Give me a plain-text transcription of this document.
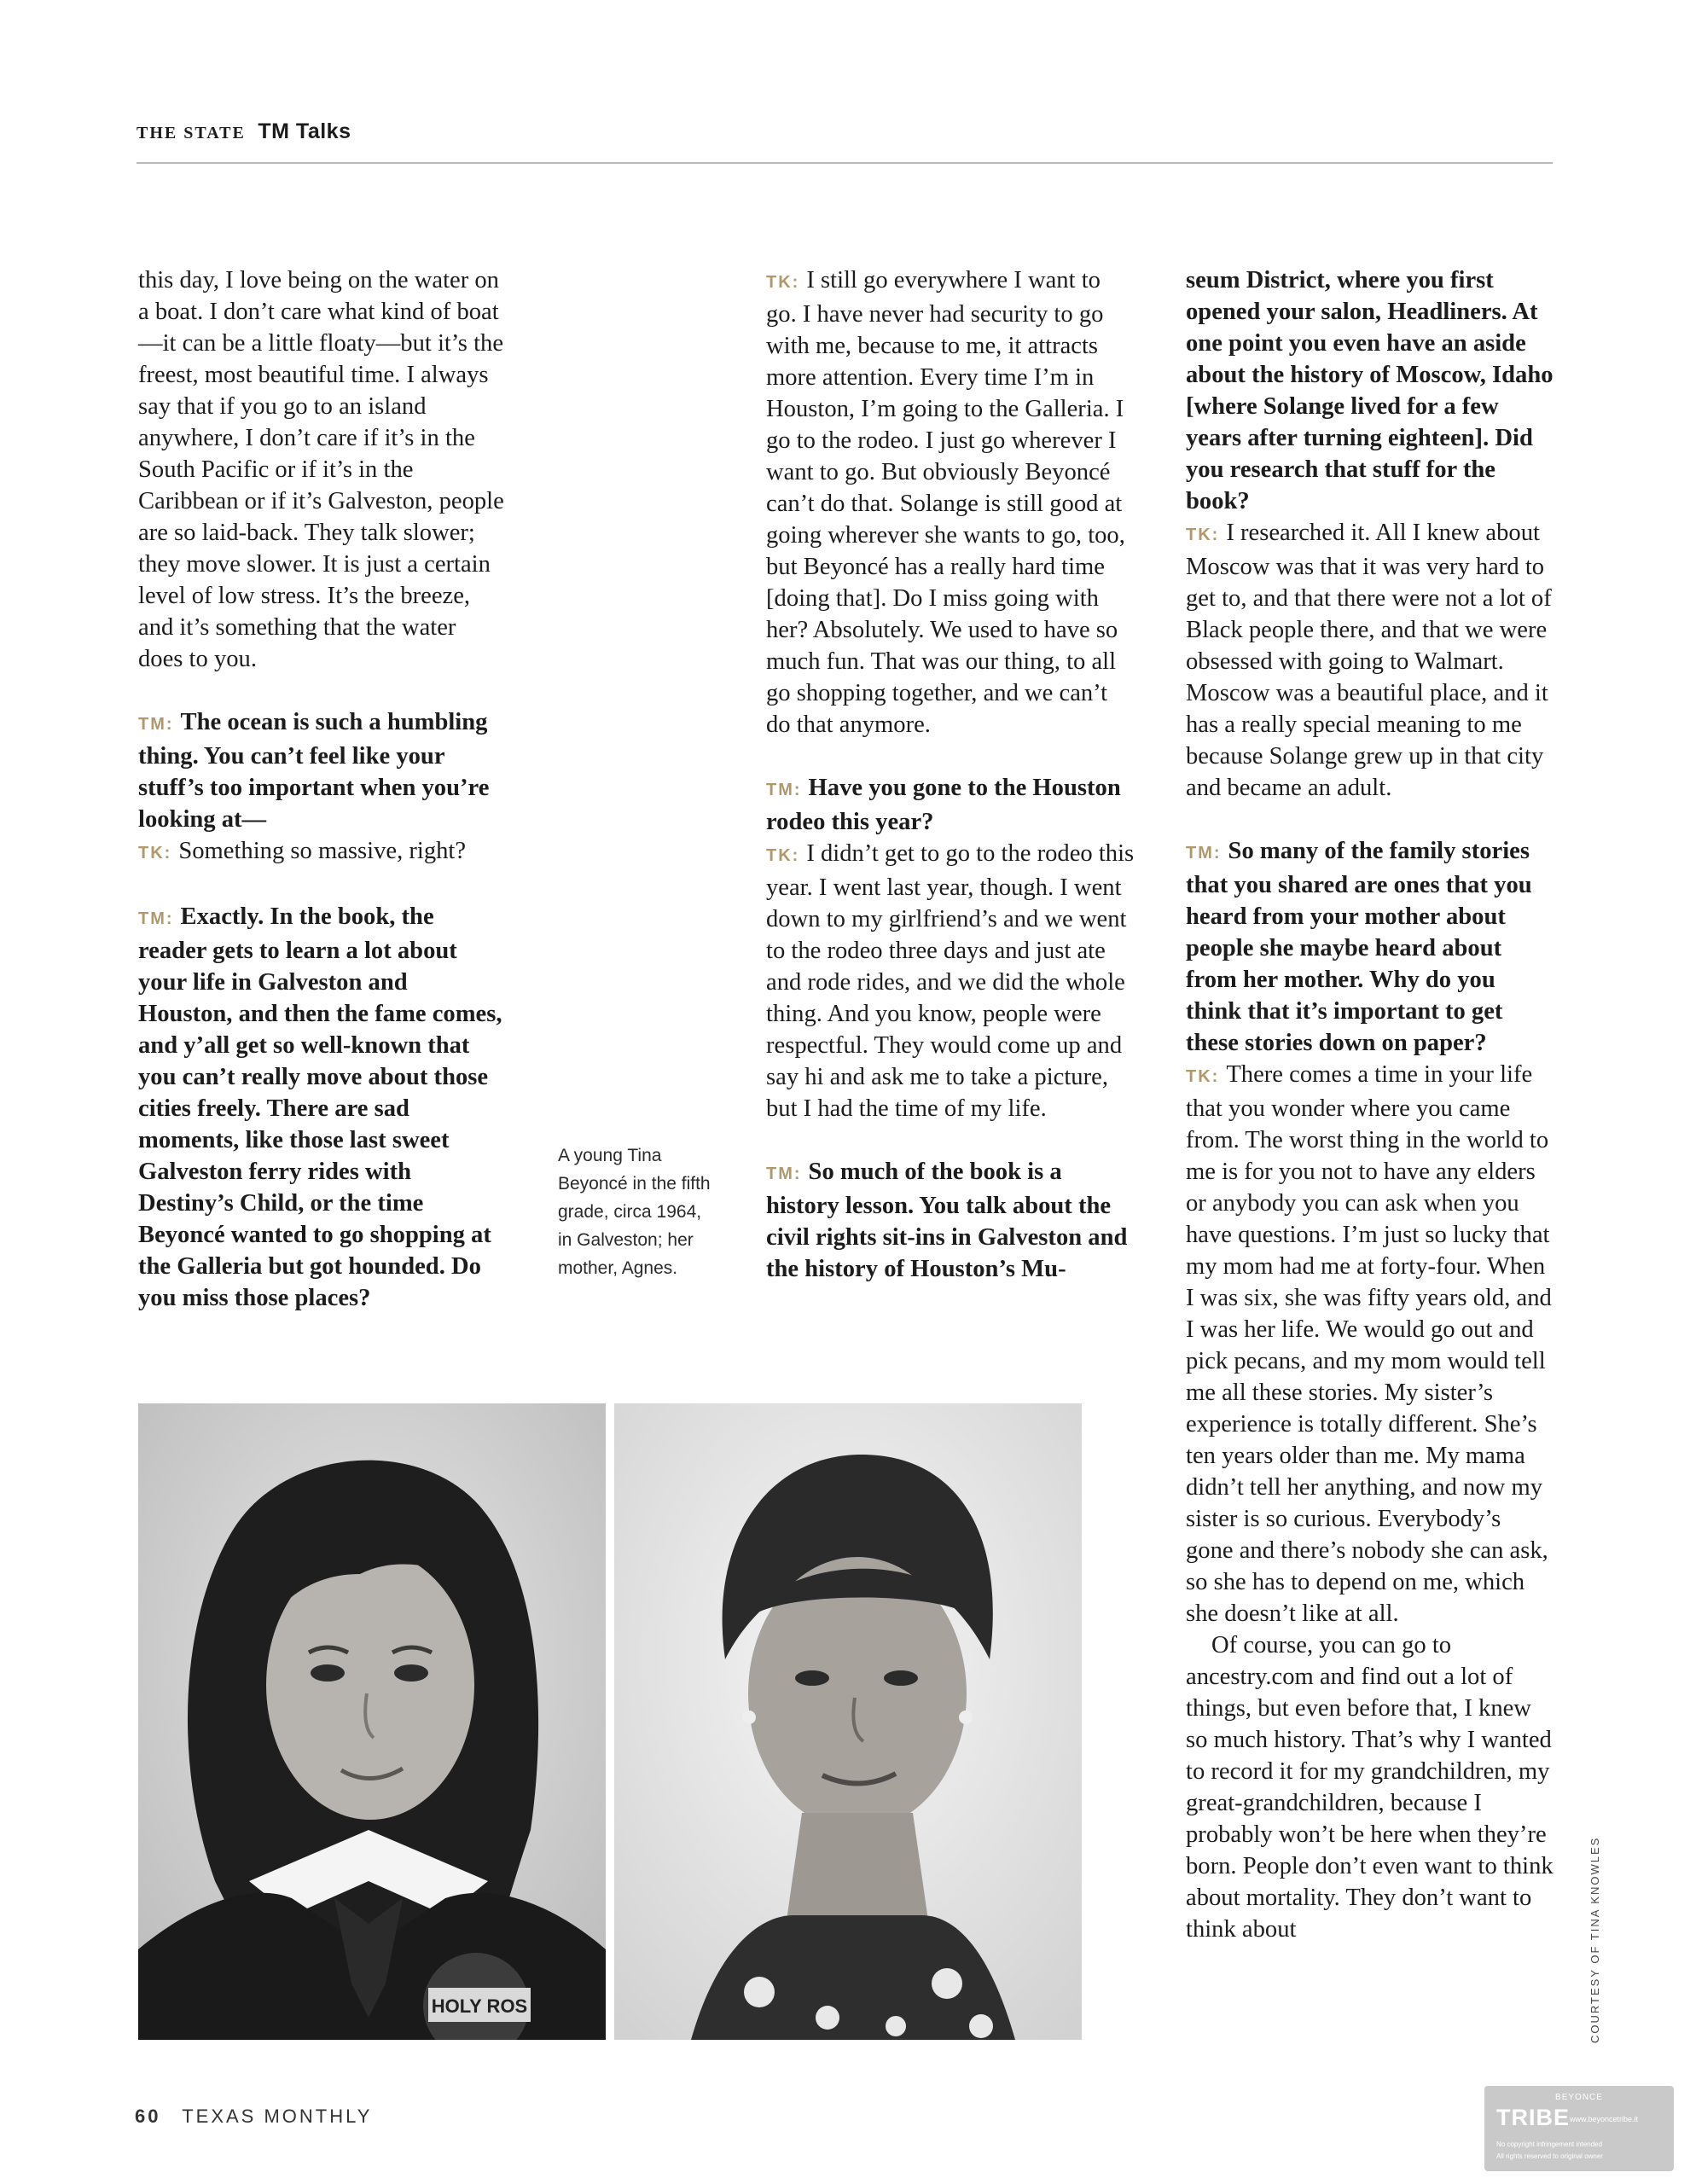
THE STATE TM Talks

this day, I love being on the water on a boat. I don’t care what kind of boat—it can be a little floaty—but it’s the freest, most beautiful time. I always say that if you go to an island anywhere, I don’t care if it’s in the South Pacific or if it’s in the Caribbean or if it’s Galveston, people are so laid-back. They talk slower; they move slower. It is just a certain level of low stress. It’s the breeze, and it’s something that the water does to you.

TM: The ocean is such a humbling thing. You can’t feel like your stuff’s too important when you’re looking at—

TK: Something so massive, right?

TM: Exactly. In the book, the reader gets to learn a lot about your life in Galveston and Houston, and then the fame comes, and y’all get so well-known that you can’t really move about those cities freely. There are sad moments, like those last sweet Galveston ferry rides with Destiny’s Child, or the time Beyoncé wanted to go shopping at the Galleria but got hounded. Do you miss those places?

A young Tina Beyoncé in the fifth grade, circa 1964, in Galveston; her mother, Agnes.

TK: I still go everywhere I want to go. I have never had security to go with me, because to me, it attracts more attention. Every time I’m in Houston, I’m going to the Galleria. I go to the rodeo. I just go wherever I want to go. But obviously Beyoncé can’t do that. Solange is still good at going wherever she wants to go, too, but Beyoncé has a really hard time [doing that]. Do I miss going with her? Absolutely. We used to have so much fun. That was our thing, to all go shopping together, and we can’t do that anymore.

TM: Have you gone to the Houston rodeo this year?

TK: I didn’t get to go to the rodeo this year. I went last year, though. I went down to my girlfriend’s and we went to the rodeo three days and just ate and rode rides, and we did the whole thing. And you know, people were respectful. They would come up and say hi and ask me to take a picture, but I had the time of my life.

TM: So much of the book is a history lesson. You talk about the civil rights sit-ins in Galveston and the history of Houston’s Mu-

seum District, where you first opened your salon, Headliners. At one point you even have an aside about the history of Moscow, Idaho [where Solange lived for a few years after turning eighteen]. Did you research that stuff for the book?

TK: I researched it. All I knew about Moscow was that it was very hard to get to, and that there were not a lot of Black people there, and that we were obsessed with going to Walmart. Moscow was a beautiful place, and it has a really special meaning to me because Solange grew up in that city and became an adult.

TM: So many of the family stories that you shared are ones that you heard from your mother about people she maybe heard about from her mother. Why do you think that it’s important to get these stories down on paper?

TK: There comes a time in your life that you wonder where you came from. The worst thing in the world to me is for you not to have any elders or anybody you can ask when you have questions. I’m just so lucky that my mom had me at forty-four. When I was six, she was fifty years old, and I was her life. We would go out and pick pecans, and my mom would tell me all these stories. My sister’s experience is totally different. She’s ten years older than me. My mama didn’t tell her anything, and now my sister is so curious. Everybody’s gone and there’s nobody she can ask, so she has to depend on me, which she doesn’t like at all.

Of course, you can go to ancestry.com and find out a lot of things, but even before that, I knew so much history. That’s why I wanted to record it for my grandchildren, my great-grandchildren, because I probably won’t be here when they’re born. People don’t even want to think about mortality. They don’t want to think about

HOLY ROS	COURTESY OF TINA KNOWLES
60 TEXAS MONTHLY
BEYONCE
TRIBE www.beyoncetribe.it
No copyright infringement intended
All rights reserved to original owner
